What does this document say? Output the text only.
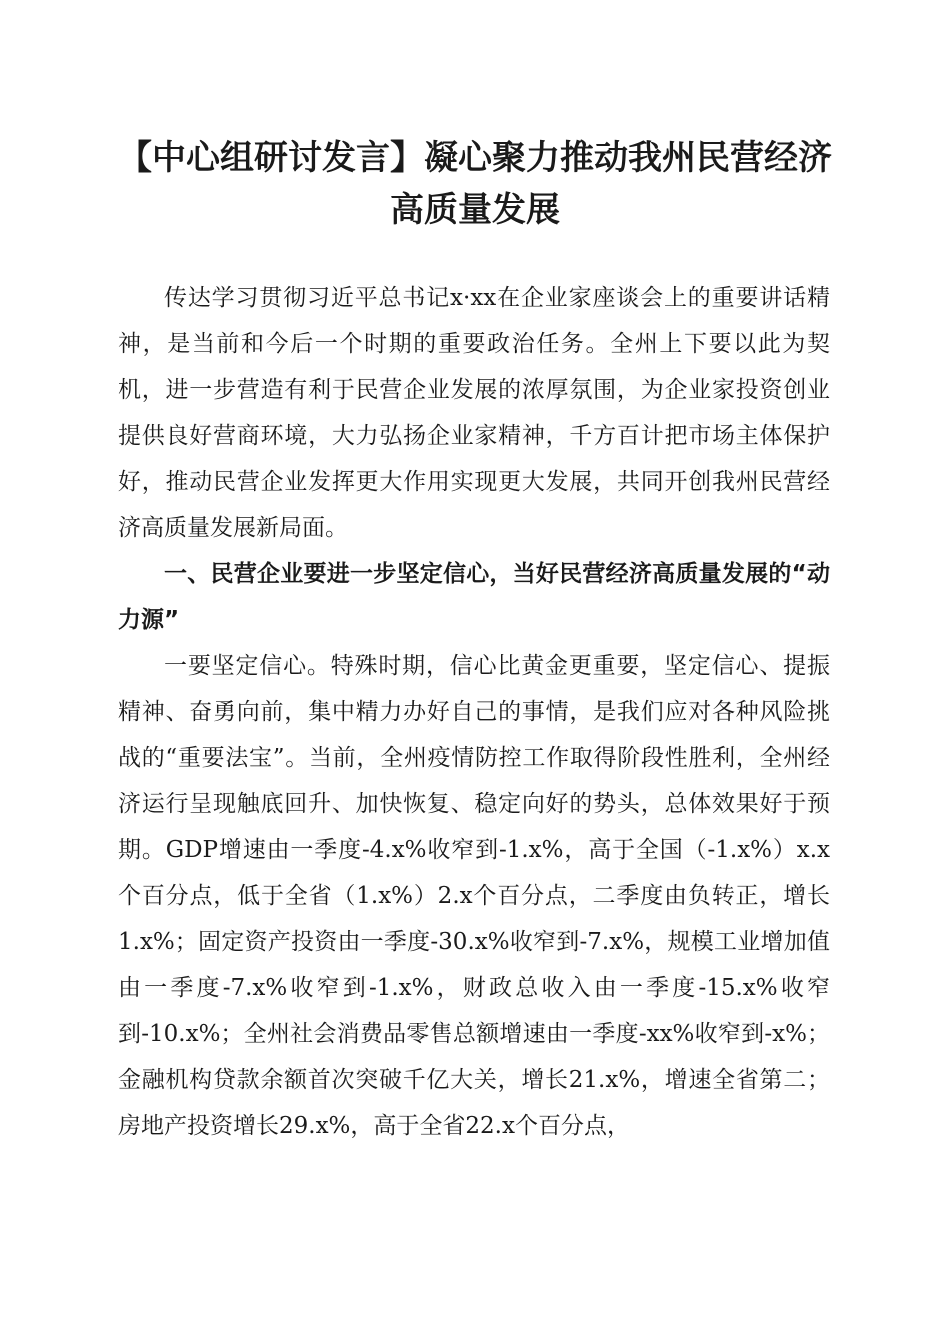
【中心组研讨发言】凝心聚力推动我州民营经济高质量发展

传达学习贯彻习近平总书记x·xx在企业家座谈会上的重要讲话精神，是当前和今后一个时期的重要政治任务。全州上下要以此为契机，进一步营造有利于民营企业发展的浓厚氛围，为企业家投资创业提供良好营商环境，大力弘扬企业家精神，千方百计把市场主体保护好，推动民营企业发挥更大作用实现更大发展，共同开创我州民营经济高质量发展新局面。

一、民营企业要进一步坚定信心，当好民营经济高质量发展的“动力源”

一要坚定信心。特殊时期，信心比黄金更重要，坚定信心、提振精神、奋勇向前，集中精力办好自己的事情，是我们应对各种风险挑战的“重要法宝”。当前，全州疫情防控工作取得阶段性胜利，全州经济运行呈现触底回升、加快恢复、稳定向好的势头，总体效果好于预期。GDP增速由一季度-4.x%收窄到-1.x%，高于全国（-1.x%）x.x个百分点，低于全省（1.x%）2.x个百分点，二季度由负转正，增长1.x%；固定资产投资由一季度-30.x%收窄到-7.x%，规模工业增加值由一季度-7.x%收窄到-1.x%，财政总收入由一季度-15.x%收窄到-10.x%；全州社会消费品零售总额增速由一季度-xx%收窄到-x%；金融机构贷款余额首次突破千亿大关，增长21.x%，增速全省第二；房地产投资增长29.x%，高于全省22.x个百分点，
